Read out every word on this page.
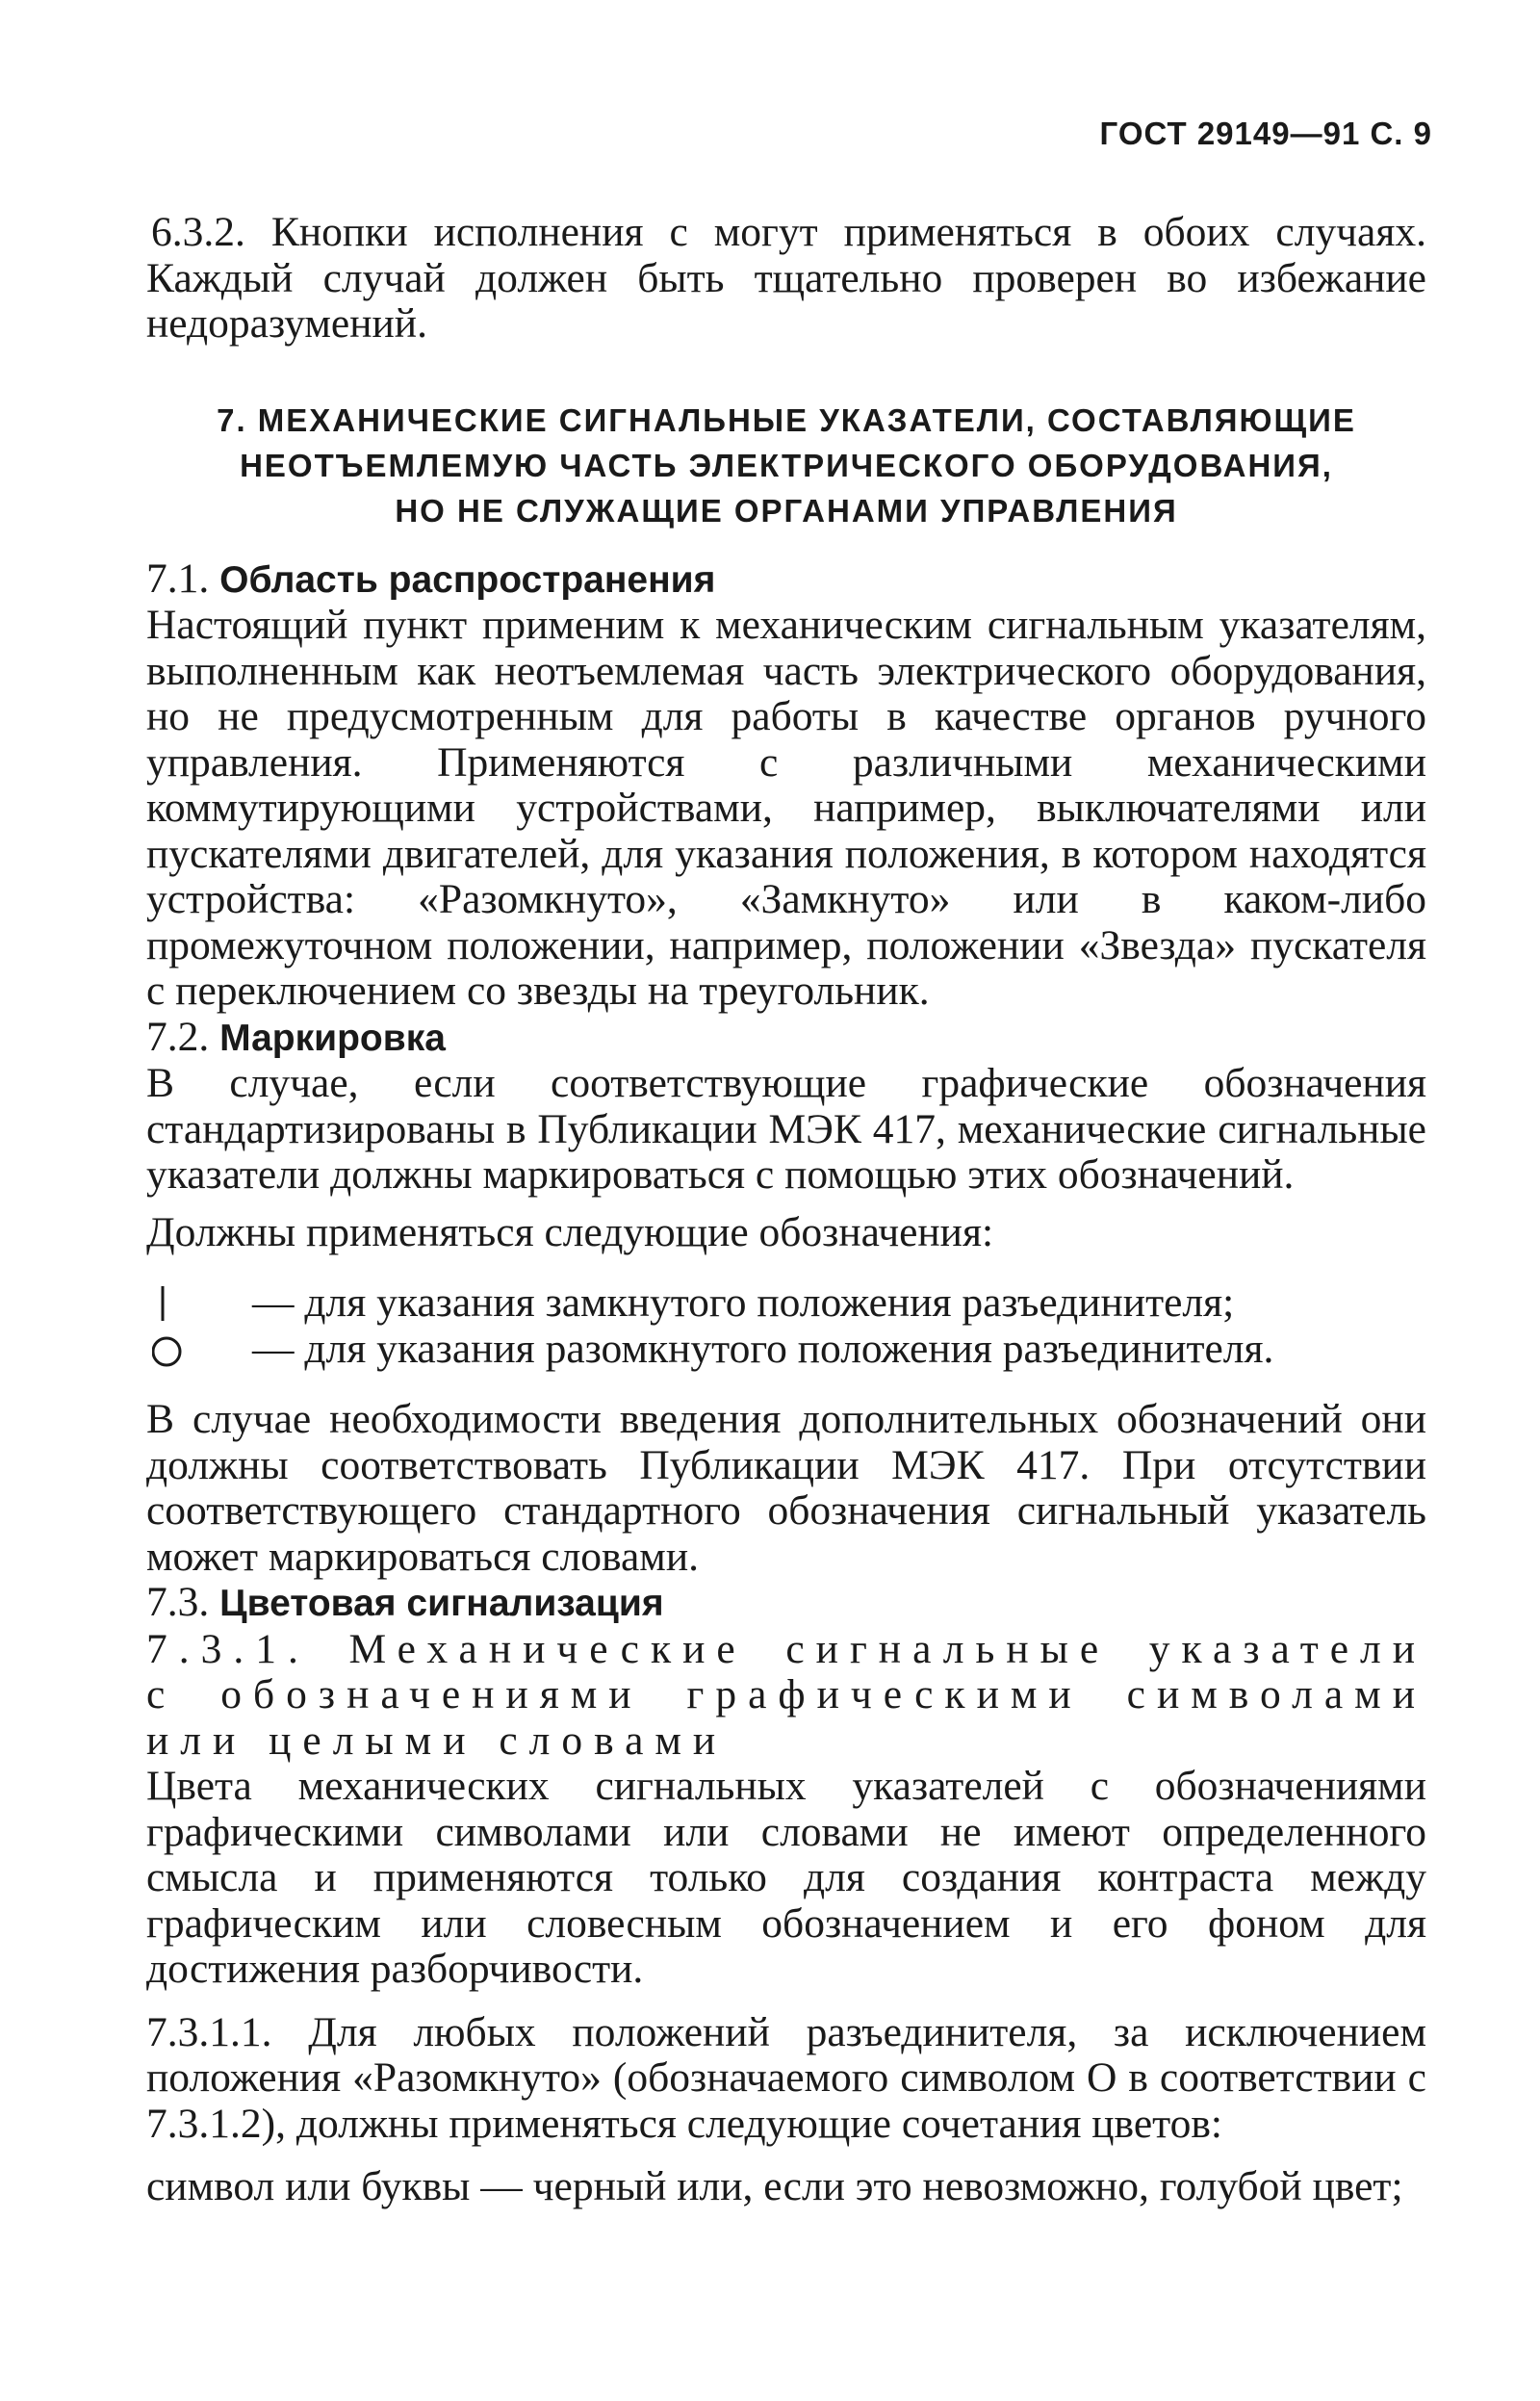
ГОСТ 29149—91 С. 9

6.3.2. Кнопки исполнения c могут применяться в обоих случаях. Каждый случай должен быть тщательно проверен во избежание недоразумений.

7. МЕХАНИЧЕСКИЕ СИГНАЛЬНЫЕ УКАЗАТЕЛИ, СОСТАВЛЯЮЩИЕ
НЕОТЪЕМЛЕМУЮ ЧАСТЬ ЭЛЕКТРИЧЕСКОГО ОБОРУДОВАНИЯ,
НО НЕ СЛУЖАЩИЕ ОРГАНАМИ УПРАВЛЕНИЯ

7.1. Область распространения

Настоящий пункт применим к механическим сигнальным указателям, выполненным как неотъемлемая часть электрического оборудования, но не предусмотренным для работы в качестве органов ручного управления. Применяются с различными механическими коммутирующими устройствами, например, выключателями или пускателями двигателей, для указания положения, в котором находятся устройства: «Разомкнуто», «Замкнуто» или в каком-либо промежуточном положении, например, положении «Звезда» пускателя с переключением со звезды на треугольник.

7.2. Маркировка

В случае, если соответствующие графические обозначения стандартизированы в Публикации МЭК 417, механические сигнальные указатели должны маркироваться с помощью этих обозначений.

Должны применяться следующие обозначения:

— для указания замкнутого положения разъединителя;

— для указания разомкнутого положения разъединителя.

В случае необходимости введения дополнительных обозначений они должны соответствовать Публикации МЭК 417. При отсутствии соответствующего стандартного обозначения сигнальный указатель может маркироваться словами.

7.3. Цветовая сигнализация

7.3.1. Механические сигнальные указатели с обозначениями графическими символами или целыми словами

Цвета механических сигнальных указателей с обозначениями графическими символами или словами не имеют определенного смысла и применяются только для создания контраста между графическим или словесным обозначением и его фоном для достижения разборчивости.

7.3.1.1. Для любых положений разъединителя, за исключением положения «Разомкнуто» (обозначаемого символом O в соответствии с 7.3.1.2), должны применяться следующие сочетания цветов:

символ или буквы — черный или, если это невозможно, голубой цвет;
